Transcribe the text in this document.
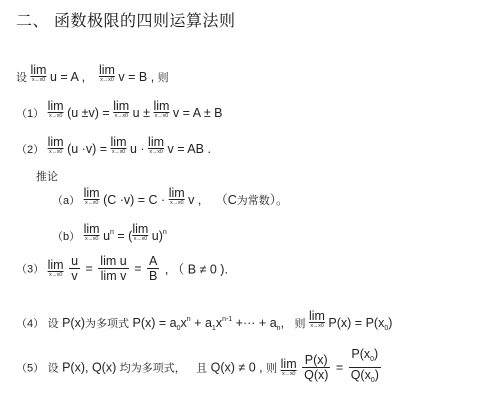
二、 函数极限的四则运算法则
设
lim
x→x0 u = A , lim
x→x0 v = B , 则
（1）
lim
x→x0 (u ±v) = lim
x→x0 u ± lim
x→x0 v = A ± B
（2）
lim
x→x0 (u ·v) = lim
x→x0 u · lim
x→x0 v = AB .
推论
（a）
lim
x→x0 (C ·v) = C · lim
x→x0 v , （C为常数）。
（b）
lim
x→x0 $u^n$ = ( lim
x→x0 u)$^n$
（3） lim
x→x0
$\frac{u}{v} = \frac{\text{lim u}}{\text{lim v}} = \frac{A}{B}$ , （ B ≠ 0 ).
（4） 设 P(x)为多项式 $P(x) = a_0x^n + a_1x^{n-1}$ +··· + $a_n$, 则
lim
x→x0 $P(x) = P(x_0)$
（5） 设 P(x), Q(x) 均为多项式， 且 Q(x) ≠ 0 , 则 lim
x→x0
$\frac{P(x)}{Q(x)} = \frac{P(x_0)}{Q(x_0)}$
